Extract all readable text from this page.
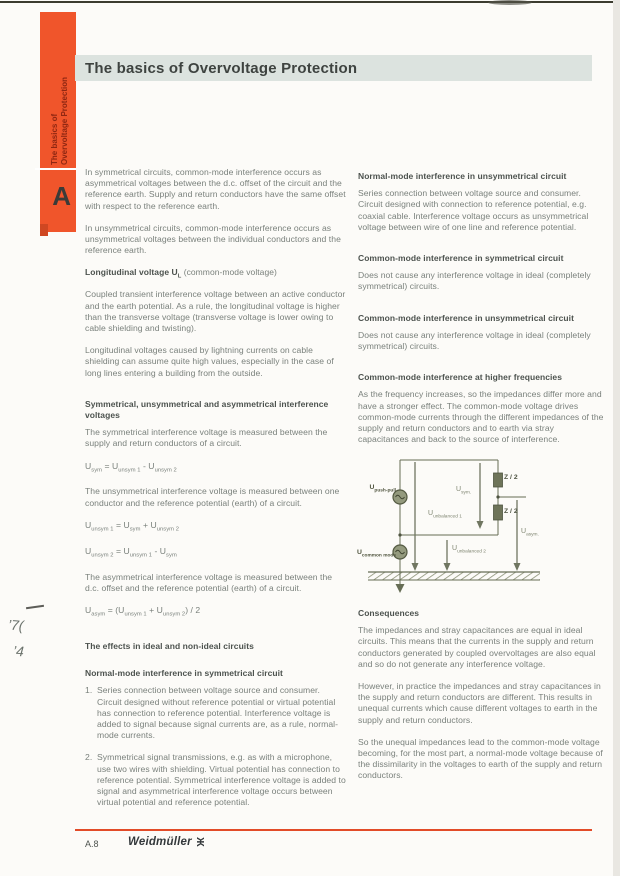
The basics of
Overvoltage Protection
A
The basics of Overvoltage Protection

In symmetrical circuits, common-mode interference occurs as asymmetrical voltages between the d.c. offset of the circuit and the reference earth. Supply and return conductors have the same offset with respect to the reference earth.

In unsymmetrical circuits, common-mode interference occurs as unsymmetrical voltages between the individual conductors and the reference earth.

Longitudinal voltage $U_L$ (common-mode voltage)

Coupled transient interference voltage between an active conductor and the earth potential. As a rule, the longitudinal voltage is higher than the transverse voltage (transverse voltage is lower owing to cable shielding and twisting).

Longitudinal voltages caused by lightning currents on cable shielding can assume quite high values, especially in the case of long lines entering a building from the outside.

Symmetrical, unsymmetrical and asymmetrical interference voltages

The symmetrical interference voltage is measured between the supply and return conductors of a circuit.

$U_{sym} = U_{unsym 1} - U_{unsym 2}$

The unsymmetrical interference voltage is measured between one conductor and the reference potential (earth) of a circuit.

$U_{unsym 1} = U_{sym} + U_{unsym 2}$
$U_{unsym 2} = U_{unsym 1} - U_{sym}$

The asymmetrical interference voltage is measured between the d.c. offset and the reference potential (earth) of a circuit.

$U_{asym} = (U_{unsym 1} + U_{unsym 2}) / 2$
The effects in ideal and non-ideal circuits
Normal-mode interference in symmetrical circuit
1. Series connection between voltage source and consumer. Circuit designed without reference potential or virtual potential has connection to reference potential. Interference voltage is added to signal because signal currents are, as a rule, normal-mode currents.
2. Symmetrical signal transmissions, e.g. as with a microphone, use two wires with shielding. Virtual potential has connection to reference potential. Symmetrical interference voltage is added to signal and asymmetrical interference voltage occurs between virtual potential and reference potential.
Normal-mode interference in unsymmetrical circuit

Series connection between voltage source and consumer. Circuit designed with connection to reference potential, e.g. coaxial cable. Interference voltage occurs as unsymmetrical voltage between wire of one line and reference potential.

Common-mode interference in symmetrical circuit

Does not cause any interference voltage in ideal (completely symmetrical) circuits.

Common-mode interference in unsymmetrical circuit

Does not cause any interference voltage in ideal (completely symmetrical) circuits.

Common-mode interference at higher frequencies

As the frequency increases, so the impedances differ more and have a stronger effect. The common-mode voltage drives common-mode currents through the different impedances of the supply and return conductors and to earth via stray capacitances and back to the source of interference.

$U_{push-pull}$
$U_{common mode}$
$U_{sym.}$
$U_{unbalanced 1}$
$U_{unbalanced 2}$
$U_{asym.}$
Z / 2
Z / 2
Consequences

The impedances and stray capacitances are equal in ideal circuits. This means that the currents in the supply and return conductors generated by coupled overvoltages are also equal and so do not generate any interference voltage.

However, in practice the impedances and stray capacitances in the supply and return conductors are different. This results in unequal currents which cause different voltages to earth in the supply and return conductors.

So the unequal impedances lead to the common-mode voltage becoming, for the most part, a normal-mode voltage because of the dissimilarity in the voltages to earth of the supply and return conductors.

’7(
’4
A.8	Weidmüller Ж
